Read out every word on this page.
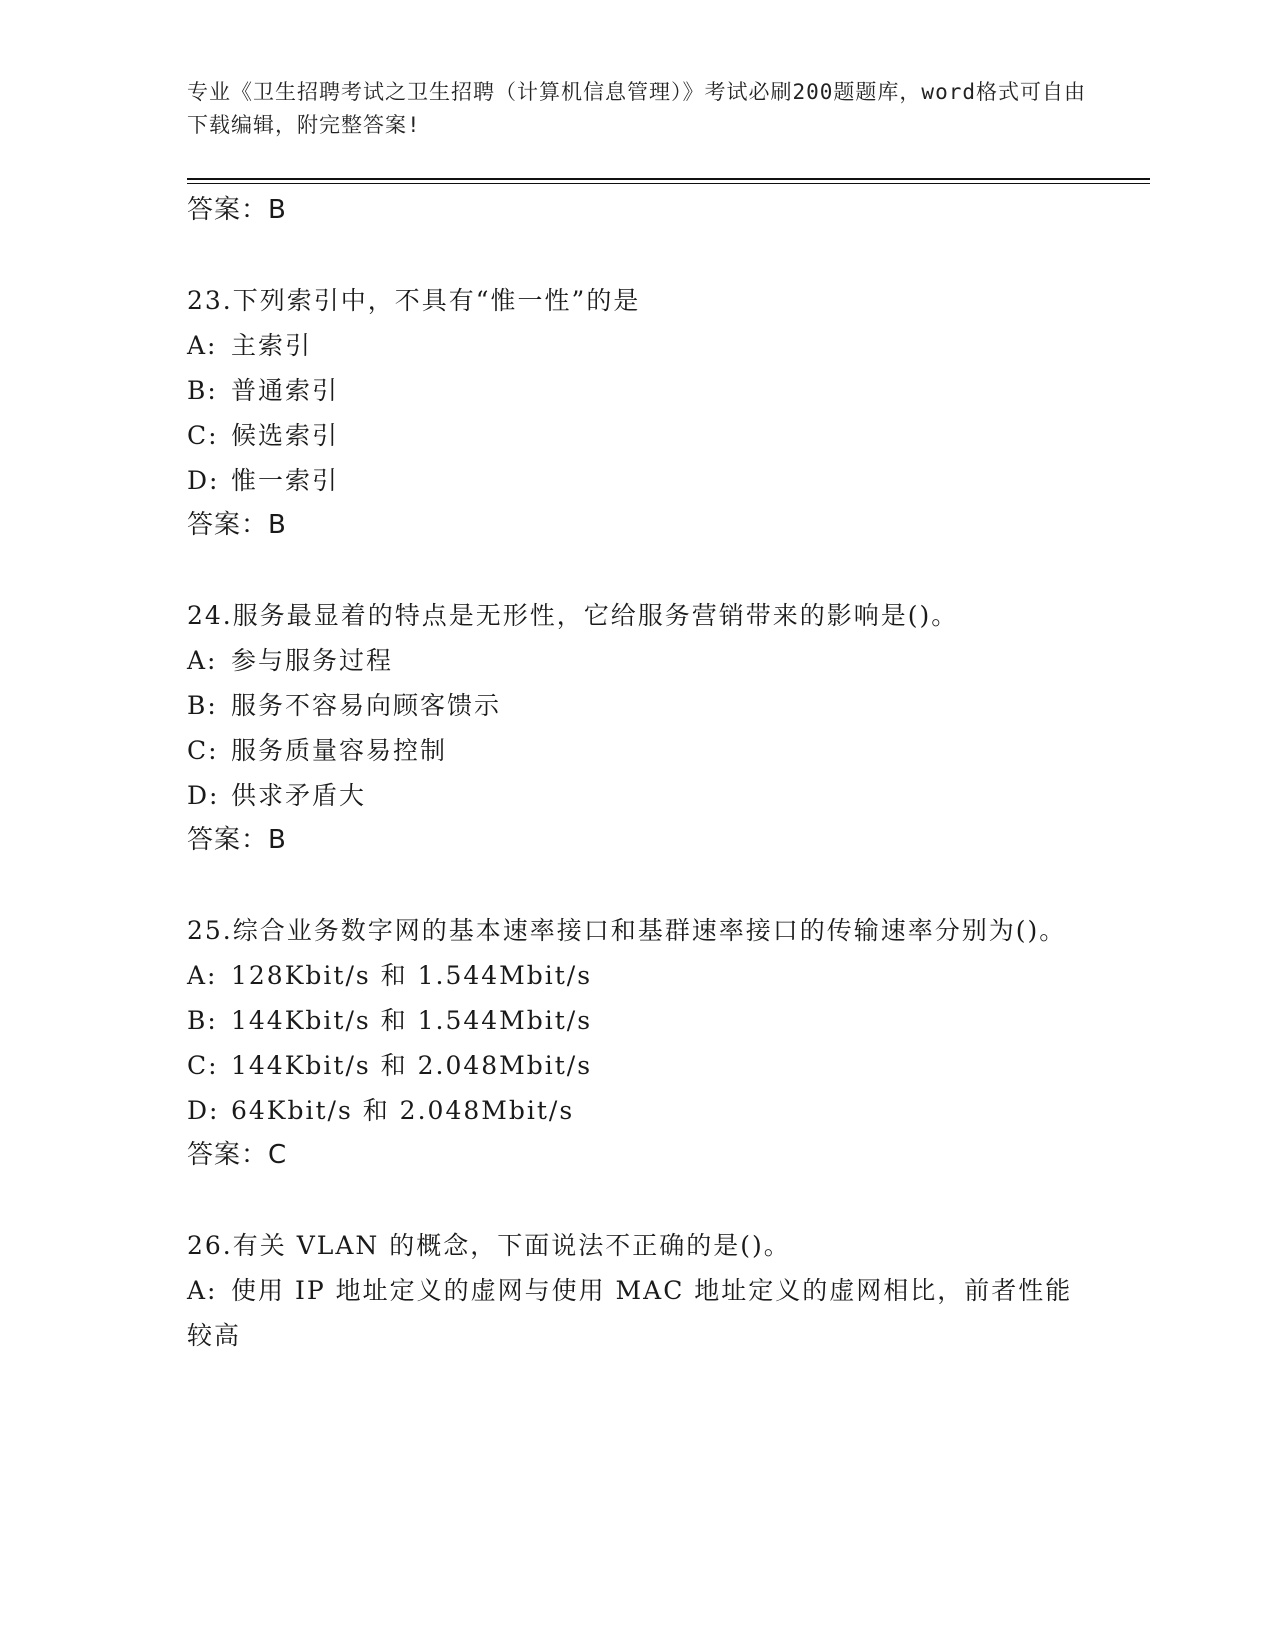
专业《卫生招聘考试之卫生招聘（计算机信息管理）》考试必刷200题题库，word格式可自由下载编辑，附完整答案!

答案：B

23.下列索引中，不具有“惟一性”的是

A: 主索引

B: 普通索引

C: 候选索引

D: 惟一索引

答案：B

24.服务最显着的特点是无形性，它给服务营销带来的影响是()。

A: 参与服务过程

B: 服务不容易向顾客馈示

C: 服务质量容易控制

D: 供求矛盾大

答案：B

25.综合业务数字网的基本速率接口和基群速率接口的传输速率分别为()。

A: 128Kbit/s 和 1.544Mbit/s

B: 144Kbit/s 和 1.544Mbit/s

C: 144Kbit/s 和 2.048Mbit/s

D: 64Kbit/s 和 2.048Mbit/s

答案：C

26.有关 VLAN 的概念，下面说法不正确的是()。

A: 使用 IP 地址定义的虚网与使用 MAC 地址定义的虚网相比，前者性能较高
